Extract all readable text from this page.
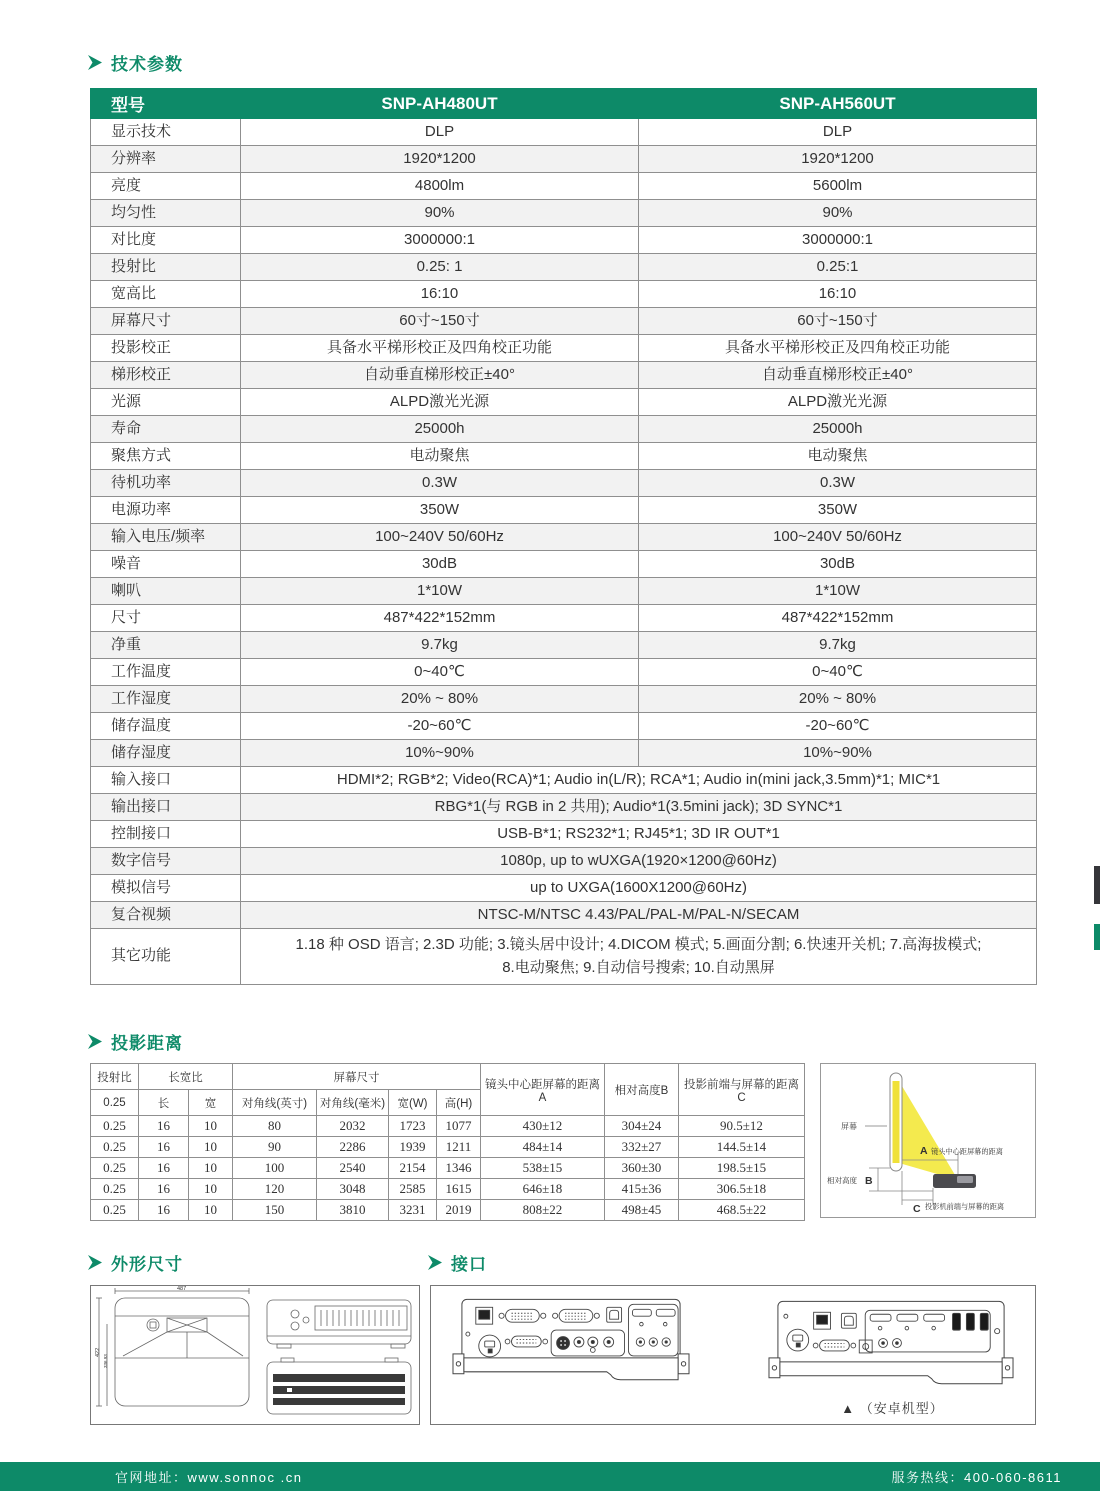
技术参数
型号	SNP-AH480UT	SNP-AH560UT
显示技术	DLP	DLP
分辨率	1920*1200	1920*1200
亮度	4800lm	5600lm
均匀性	90%	90%
对比度	3000000:1	3000000:1
投射比	0.25: 1	0.25:1
宽高比	16:10	16:10
屏幕尺寸	60寸~150寸	60寸~150寸
投影校正	具备水平梯形校正及四角校正功能	具备水平梯形校正及四角校正功能
梯形校正	自动垂直梯形校正±40°	自动垂直梯形校正±40°
光源	ALPD激光光源	ALPD激光光源
寿命	25000h	25000h
聚焦方式	电动聚焦	电动聚焦
待机功率	0.3W	0.3W
电源功率	350W	350W
输入电压/频率	100~240V 50/60Hz	100~240V 50/60Hz
噪音	30dB	30dB
喇叭	1*10W	1*10W
尺寸	487*422*152mm	487*422*152mm
净重	9.7kg	9.7kg
工作温度	0~40℃	0~40℃
工作湿度	20% ~ 80%	20% ~ 80%
储存温度	-20~60℃	-20~60℃
储存湿度	10%~90%	10%~90%
输入接口	HDMI*2; RGB*2; Video(RCA)*1; Audio in(L/R); RCA*1; Audio in(mini jack,3.5mm)*1; MIC*1	
输出接口	RBG*1(与 RGB in 2 共用); Audio*1(3.5mini jack); 3D SYNC*1	
控制接口	USB-B*1; RS232*1; RJ45*1; 3D IR OUT*1	
数字信号	1080p, up to wUXGA(1920×1200@60Hz)	
模拟信号	up to UXGA(1600X1200@60Hz)	
复合视频	NTSC-M/NTSC 4.43/PAL/PAL-M/PAL-N/SECAM	
其它功能	1.18 种 OSD 语言; 2.3D 功能; 3.镜头居中设计; 4.DICOM 模式; 5.画面分割; 6.快速开关机; 7.高海拔模式;
8.电动聚焦; 9.自动信号搜索; 10.自动黑屏	
投影距离
投射比	长宽比		屏幕尺寸				镜头中心距屏幕的距离A	相对高度B	投影前端与屏幕的距离C
0.25	长	宽	对角线(英寸)	对角线(毫米)	宽(W)	高(H)			
0.25	16	10	80	2032	1723	1077	430±12	304±24	90.5±12
0.25	16	10	90	2286	1939	1211	484±14	332±27	144.5±14
0.25	16	10	100	2540	2154	1346	538±15	360±30	198.5±15
0.25	16	10	120	3048	2585	1615	646±18	415±36	306.5±18
0.25	16	10	150	3810	3231	2019	808±22	498±45	468.5±22
屏幕
A 镜头中心距屏幕的距离
相对高度 B
C 投影机前端与屏幕的距离
外形尺寸
487
422
336.93
接口
▲ （安卓机型）
官网地址：www.sonnoc .cn	服务热线：400-060-8611
